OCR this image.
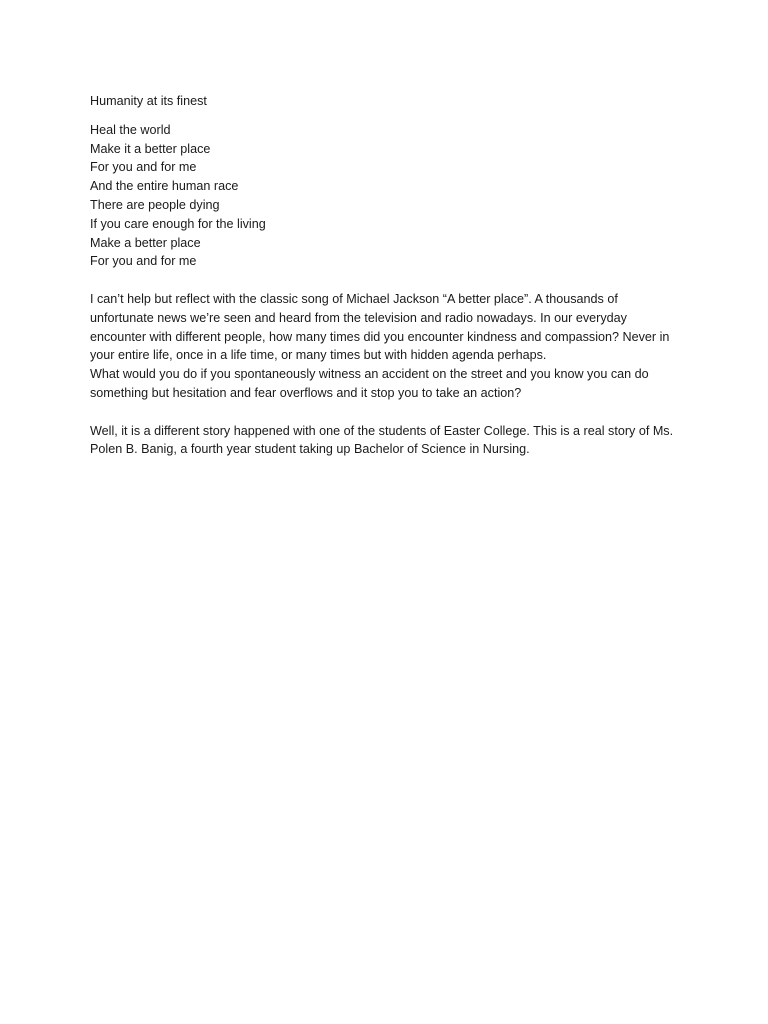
Humanity at its finest

Heal the world
Make it a better place
For you and for me
And the entire human race
There are people dying
If you care enough for the living
Make a better place
For you and for me

I can’t help but reflect with the classic song of Michael Jackson “A better place”. A thousands of unfortunate news we’re seen and heard from the television and radio nowadays. In our everyday encounter with different people, how many times did you encounter kindness and compassion? Never in your entire life, once in a life time, or many times but with hidden agenda perhaps.

What would you do if you spontaneously witness an accident on the street and you know you can do something but hesitation and fear overflows and it stop you to take an action?

Well, it is a different story happened with one of the students of Easter College. This is a real story of Ms. Polen B. Banig, a fourth year student taking up Bachelor of Science in Nursing.
